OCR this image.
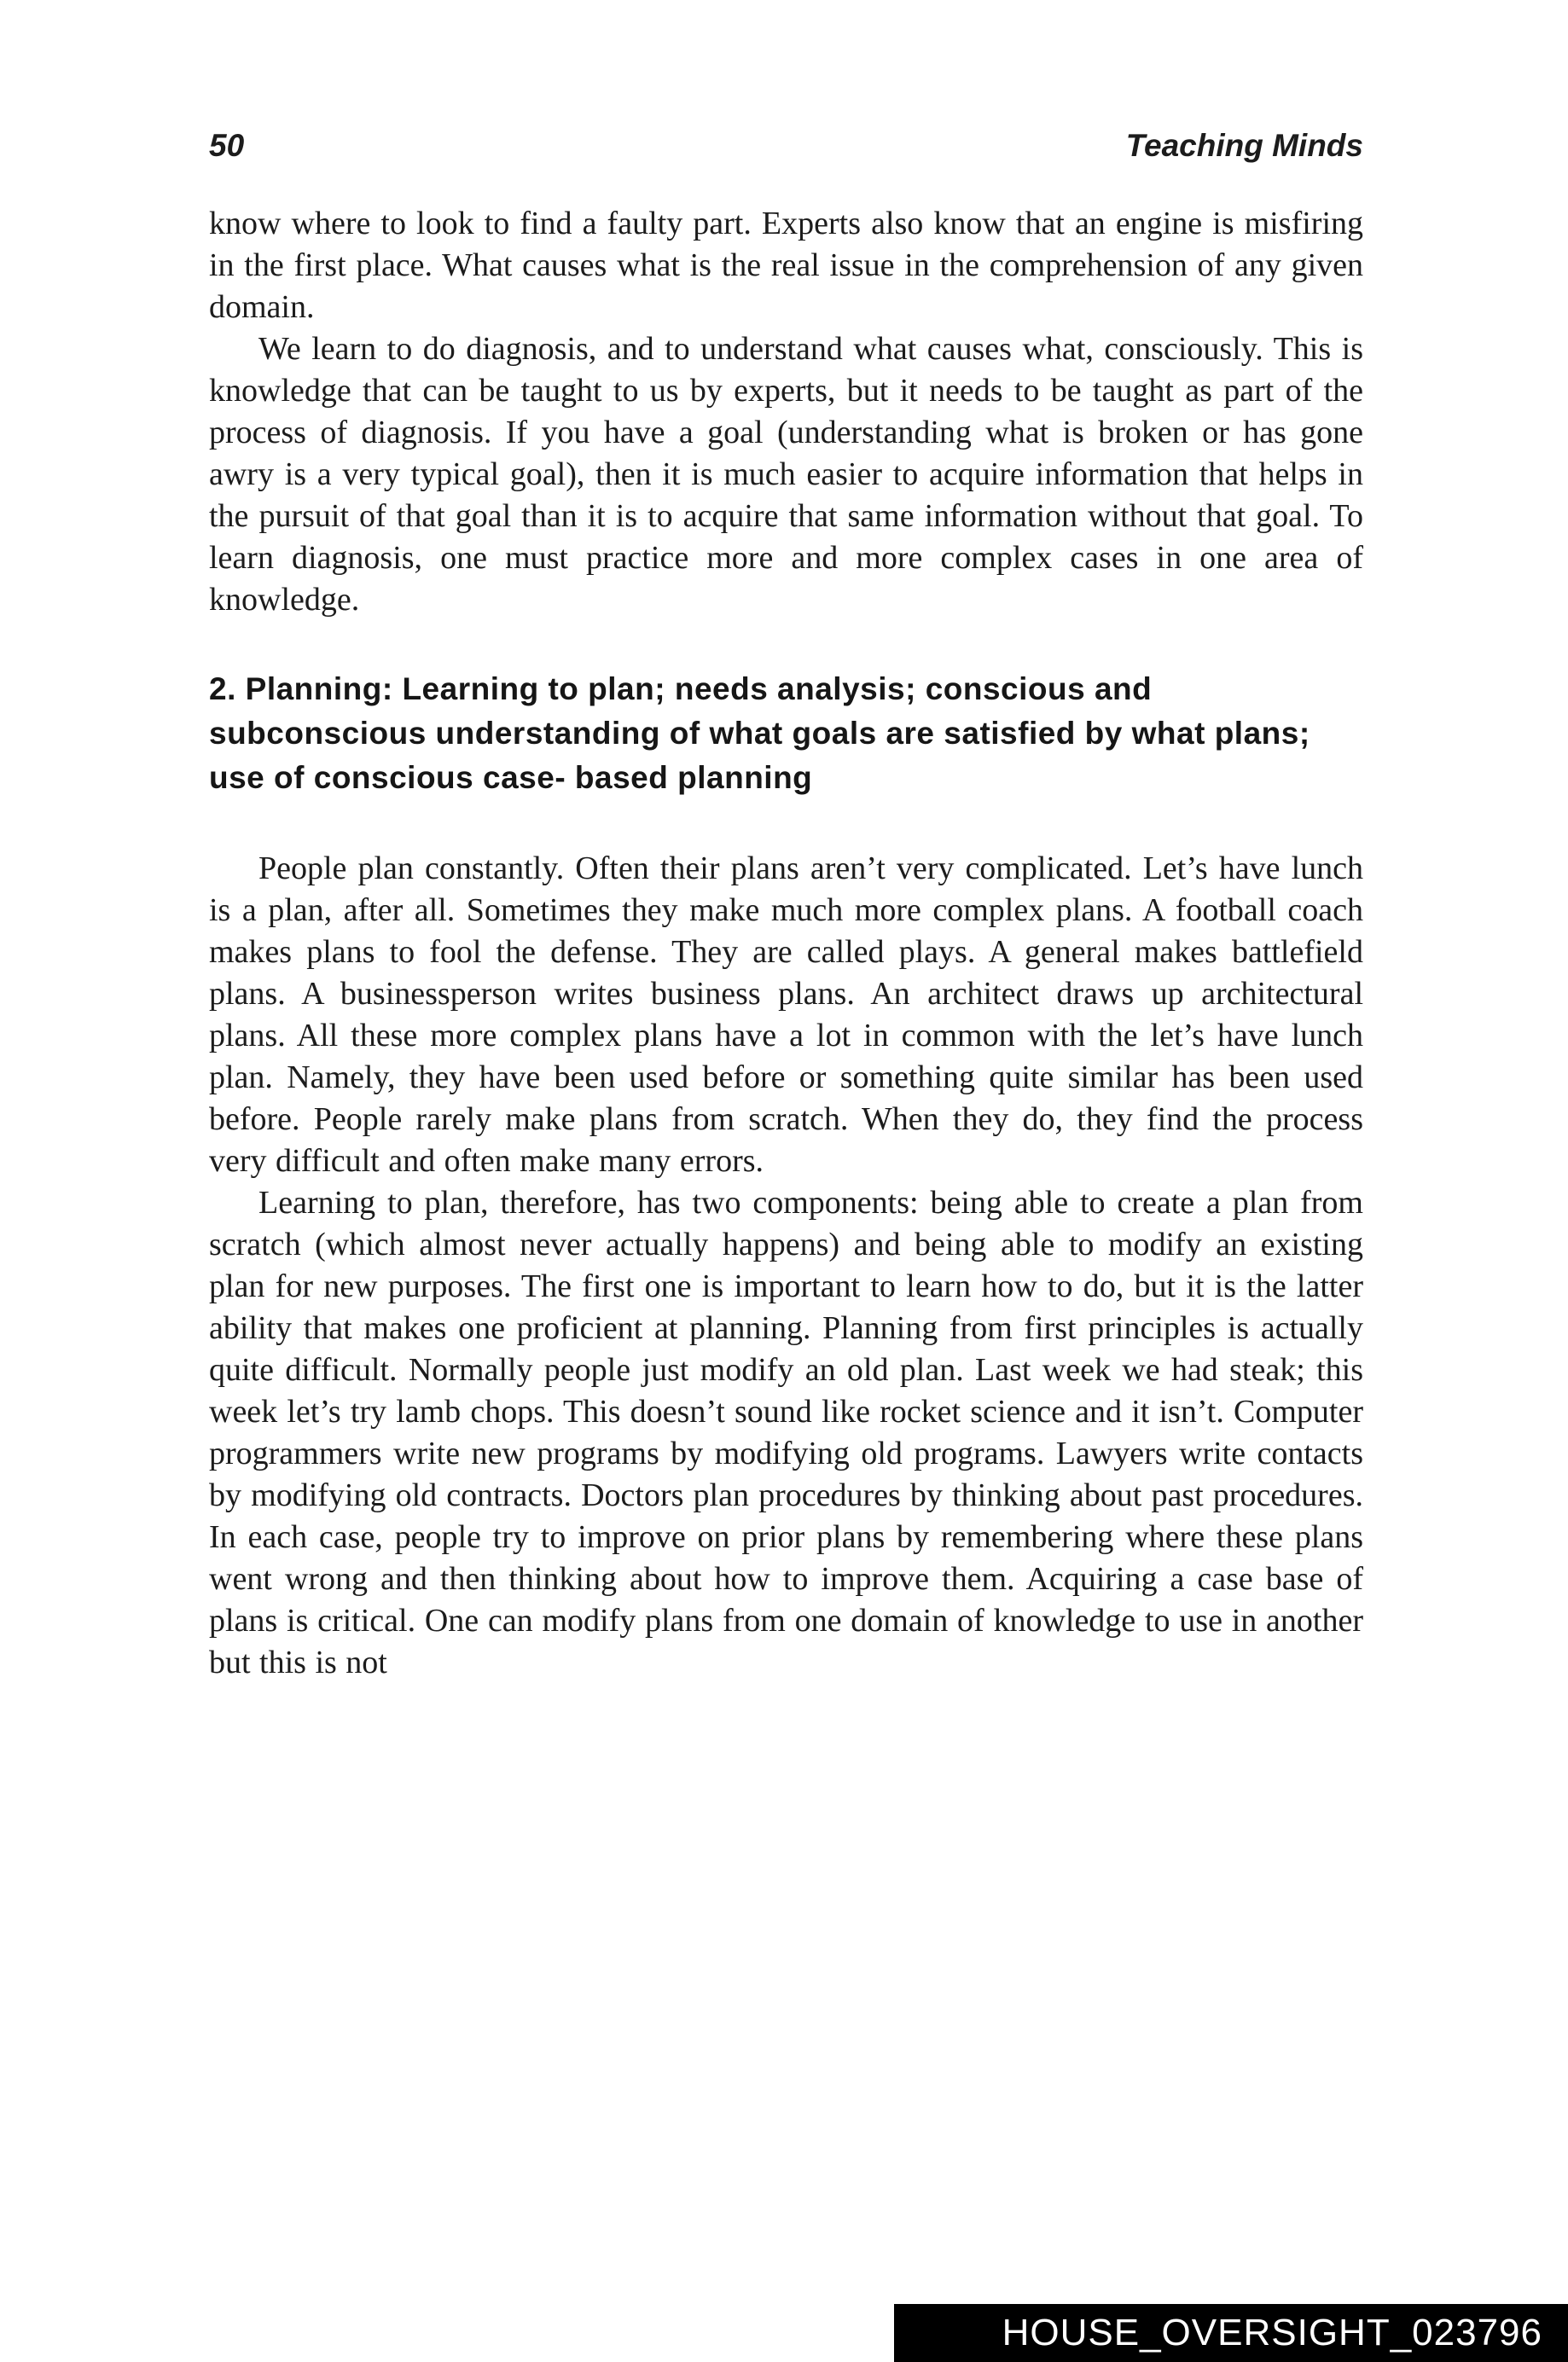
50	Teaching Minds

know where to look to find a faulty part. Experts also know that an engine is misfiring in the first place. What causes what is the real issue in the comprehension of any given domain.

We learn to do diagnosis, and to understand what causes what, consciously. This is knowledge that can be taught to us by experts, but it needs to be taught as part of the process of diagnosis. If you have a goal (understanding what is broken or has gone awry is a very typical goal), then it is much easier to acquire information that helps in the pursuit of that goal than it is to acquire that same information without that goal. To learn diagnosis, one must practice more and more complex cases in one area of knowledge.

2. Planning: Learning to plan; needs analysis; conscious and subconscious understanding of what goals are satisfied by what plans; use of conscious case- based planning

People plan constantly. Often their plans aren’t very complicated. Let’s have lunch is a plan, after all. Sometimes they make much more complex plans. A football coach makes plans to fool the defense. They are called plays. A general makes battlefield plans. A businessperson writes business plans. An architect draws up architectural plans. All these more complex plans have a lot in common with the let’s have lunch plan. Namely, they have been used before or something quite similar has been used before. People rarely make plans from scratch. When they do, they find the process very difficult and often make many errors.

Learning to plan, therefore, has two components: being able to create a plan from scratch (which almost never actually happens) and being able to modify an existing plan for new purposes. The first one is important to learn how to do, but it is the latter ability that makes one proficient at planning. Planning from first principles is actually quite difficult. Normally people just modify an old plan. Last week we had steak; this week let’s try lamb chops. This doesn’t sound like rocket science and it isn’t. Computer programmers write new programs by modifying old programs. Lawyers write contacts by modifying old contracts. Doctors plan procedures by thinking about past procedures. In each case, people try to improve on prior plans by remembering where these plans went wrong and then thinking about how to improve them. Acquiring a case base of plans is critical. One can modify plans from one domain of knowledge to use in another but this is not

HOUSE_OVERSIGHT_023796
